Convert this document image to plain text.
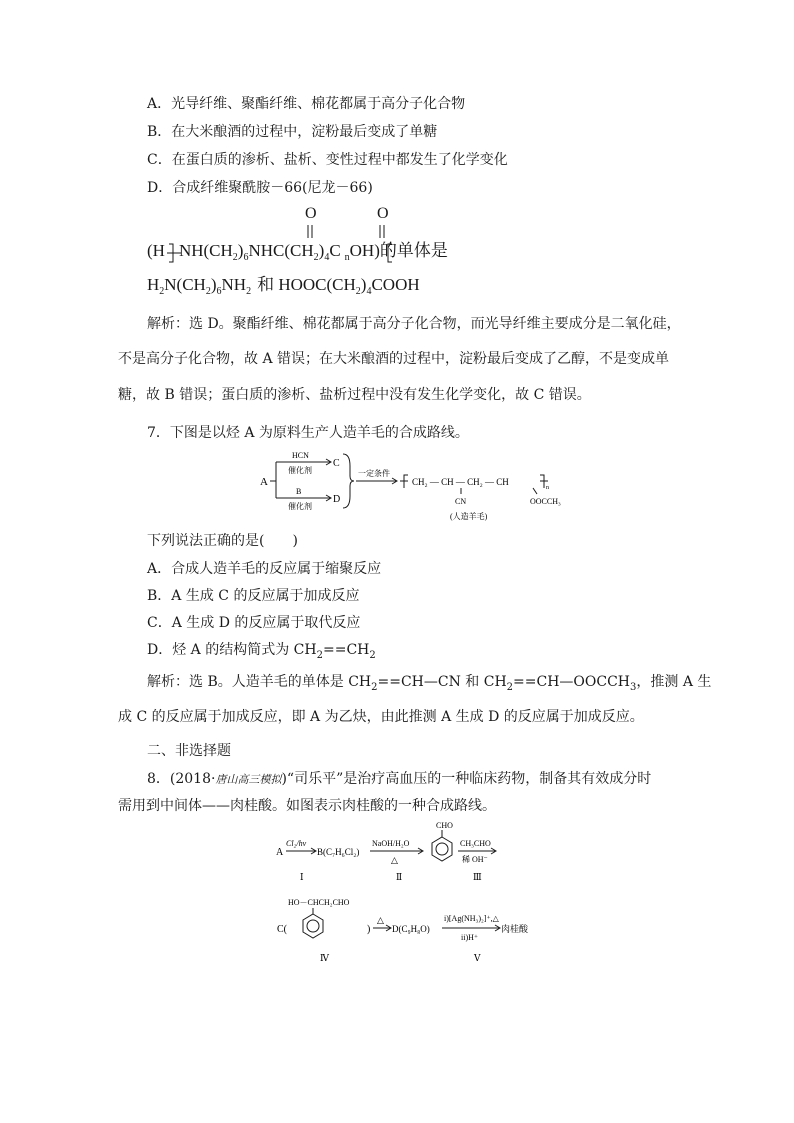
A．光导纤维、聚酯纤维、棉花都属于高分子化合物
B．在大米酿酒的过程中，淀粉最后变成了单糖
C．在蛋白质的渗析、盐析、变性过程中都发生了化学变化
D．合成纤维聚酰胺－66(尼龙－66)
O	O
(H $NH(CH_2)_6NHC(CH_2)_4C$ $_n$OH)的单体是
$H_2N(CH_2)_6NH_2$ 和 $HOOC(CH_2)_4COOH$
解析：选 D。聚酯纤维、棉花都属于高分子化合物，而光导纤维主要成分是二氧化硅，
不是高分子化合物，故 A 错误；在大米酿酒的过程中，淀粉最后变成了乙醇，不是变成单
糖，故 B 错误；蛋白质的渗析、盐析过程中没有发生化学变化，故 C 错误。
7．下图是以烃 A 为原料生产人造羊毛的合成路线。
A
HCN
催化剂
C
B
催化剂
D
一定条件
CH₂ — CH — CH₂ — CH
CN	OOCCH₃
n
(人造羊毛)
下列说法正确的是(　　)
A．合成人造羊毛的反应属于缩聚反应
B．A 生成 C 的反应属于加成反应
C．A 生成 D 的反应属于取代反应
D．烃 A 的结构简式为 $CH_2==CH_2$
解析：选 B。人造羊毛的单体是 $CH_2==CH—CN$ 和 $CH_2==CH—OOCCH_3$，推测 A 生
成 C 的反应属于加成反应，即 A 为乙炔，由此推测 A 生成 D 的反应属于加成反应。
二、非选择题
8．(2018·唐山高三模拟)“司乐平”是治疗高血压的一种临床药物，制备其有效成分时
需用到中间体——肉桂酸。如图表示肉桂酸的一种合成路线。
A
Cl₂/hν
B(C₇H₆Cl₂)
NaOH/H₂O
△
CHO
CH₃CHO
稀 OH⁻
Ⅰ	Ⅱ	Ⅲ
C(
HO－CHCH₂CHO
)
△
D(C₉H₈O)
i)[Ag(NH₃)₂]⁺,△
ii)H⁺
肉桂酸
Ⅳ	Ⅴ
